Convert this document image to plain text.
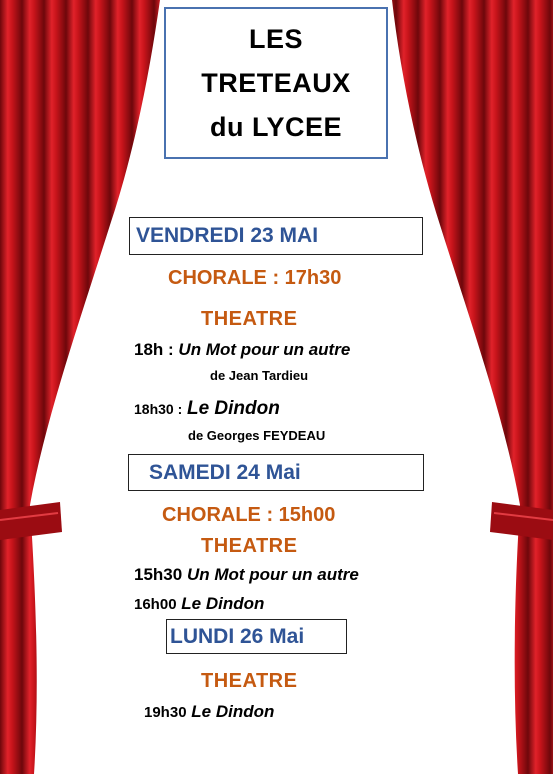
LES
TRETEAUX
du LYCEE
VENDREDI 23 MAI

CHORALE : 17h30

THEATRE

18h : Un Mot pour un autre

de Jean Tardieu

18h30 : Le Dindon

de Georges FEYDEAU

SAMEDI 24 Mai

CHORALE : 15h00

THEATRE

15h30 Un Mot pour un autre

16h00 Le Dindon

LUNDI 26 Mai

THEATRE

19h30 Le Dindon
